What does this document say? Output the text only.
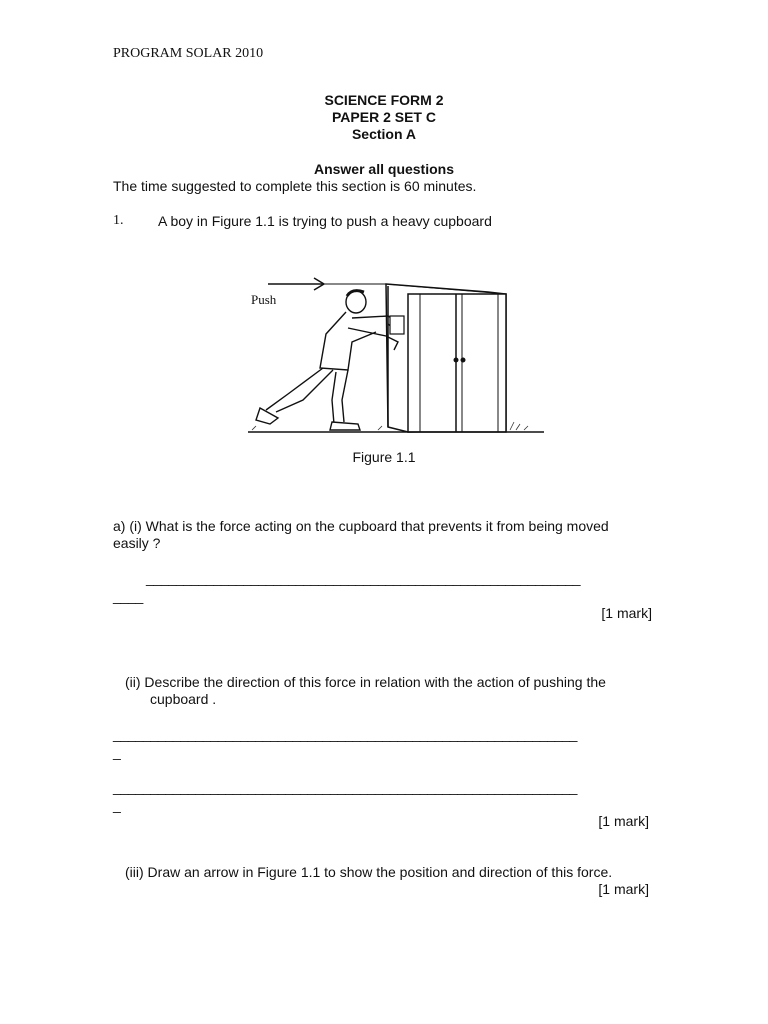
PROGRAM SOLAR 2010
SCIENCE FORM 2
PAPER 2 SET C
Section A
Answer all questions
The time suggested to complete this section is 60 minutes.
1. A boy in Figure 1.1 is trying to push a heavy cupboard
Push
Figure 1.1
a) (i) What is the force acting on the cupboard that prevents it from being moved
easily ?
__________________________________________________________
____
[1 mark]
(ii) Describe the direction of this force in relation with the action of pushing the
cupboard .
______________________________________________________________
_
______________________________________________________________
_
[1 mark]
(iii) Draw an arrow in Figure 1.1 to show the position and direction of this force.
[1 mark]
